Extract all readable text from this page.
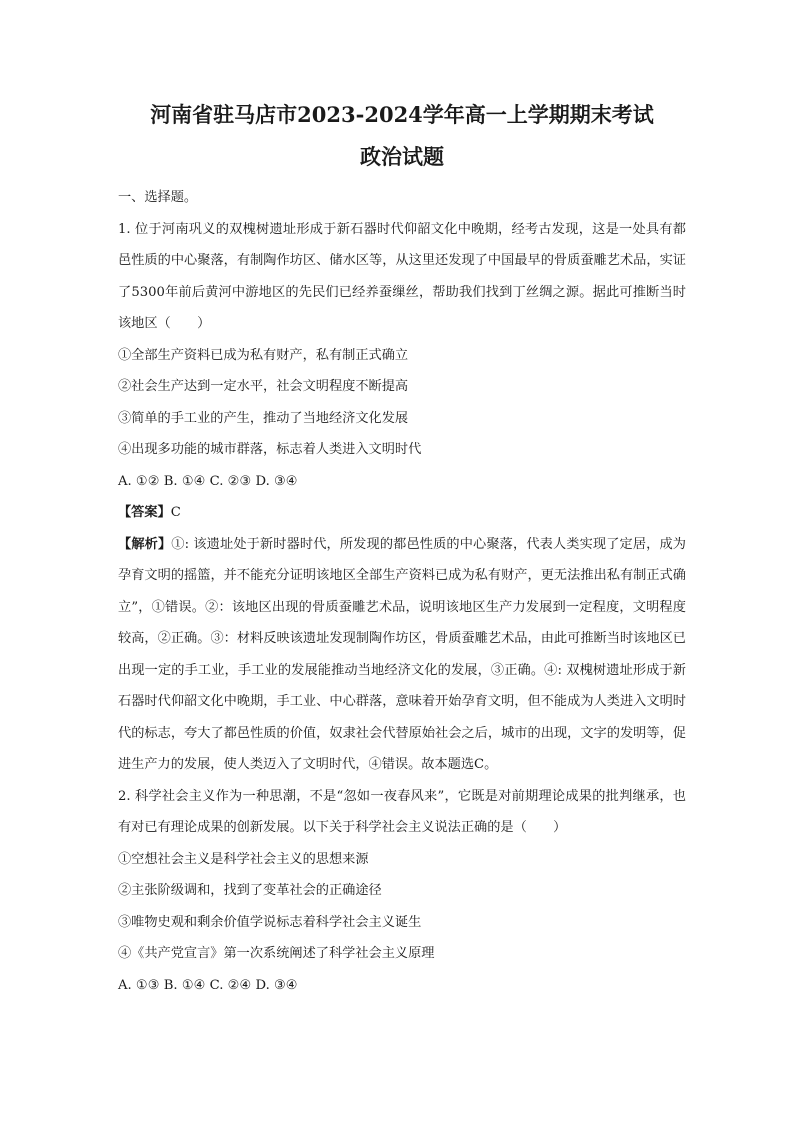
河南省驻马店市2023-2024学年高一上学期期末考试
政治试题

一、选择题。

1. 位于河南巩义的双槐树遗址形成于新石器时代仰韶文化中晚期，经考古发现，这是一处具有都邑性质的中心聚落，有制陶作坊区、储水区等，从这里还发现了中国最早的骨质蚕雕艺术品，实证了5300年前后黄河中游地区的先民们已经养蚕缫丝，帮助我们找到丁丝绸之源。据此可推断当时该地区（　　）

①全部生产资料已成为私有财产，私有制正式确立

②社会生产达到一定水平，社会文明程度不断提高

③简单的手工业的产生，推动了当地经济文化发展

④出现多功能的城市群落，标志着人类进入文明时代

A. ①② B. ①④ C. ②③ D. ③④

【答案】C

【解析】①: 该遗址处于新时器时代，所发现的都邑性质的中心聚落，代表人类实现了定居，成为孕育文明的摇篮，并不能充分证明该地区全部生产资料已成为私有财产，更无法推出私有制正式确立”，①错误。②：该地区出现的骨质蚕雕艺术品，说明该地区生产力发展到一定程度，文明程度较高，②正确。③：材料反映该遗址发现制陶作坊区，骨质蚕雕艺术品，由此可推断当时该地区已出现一定的手工业，手工业的发展能推动当地经济文化的发展，③正确。④: 双槐树遗址形成于新石器时代仰韶文化中晚期，手工业、中心群落，意味着开始孕育文明，但不能成为人类进入文明时代的标志，夸大了都邑性质的价值，奴隶社会代替原始社会之后，城市的出现，文字的发明等，促进生产力的发展，使人类迈入了文明时代，④错误。故本题选C。

2. 科学社会主义作为一种思潮，不是“忽如一夜春风来”，它既是对前期理论成果的批判继承，也有对已有理论成果的创新发展。以下关于科学社会主义说法正确的是（　　）

①空想社会主义是科学社会主义的思想来源

②主张阶级调和，找到了变革社会的正确途径

③唯物史观和剩余价值学说标志着科学社会主义诞生

④《共产党宣言》第一次系统阐述了科学社会主义原理

A. ①③ B. ①④ C. ②④ D. ③④
